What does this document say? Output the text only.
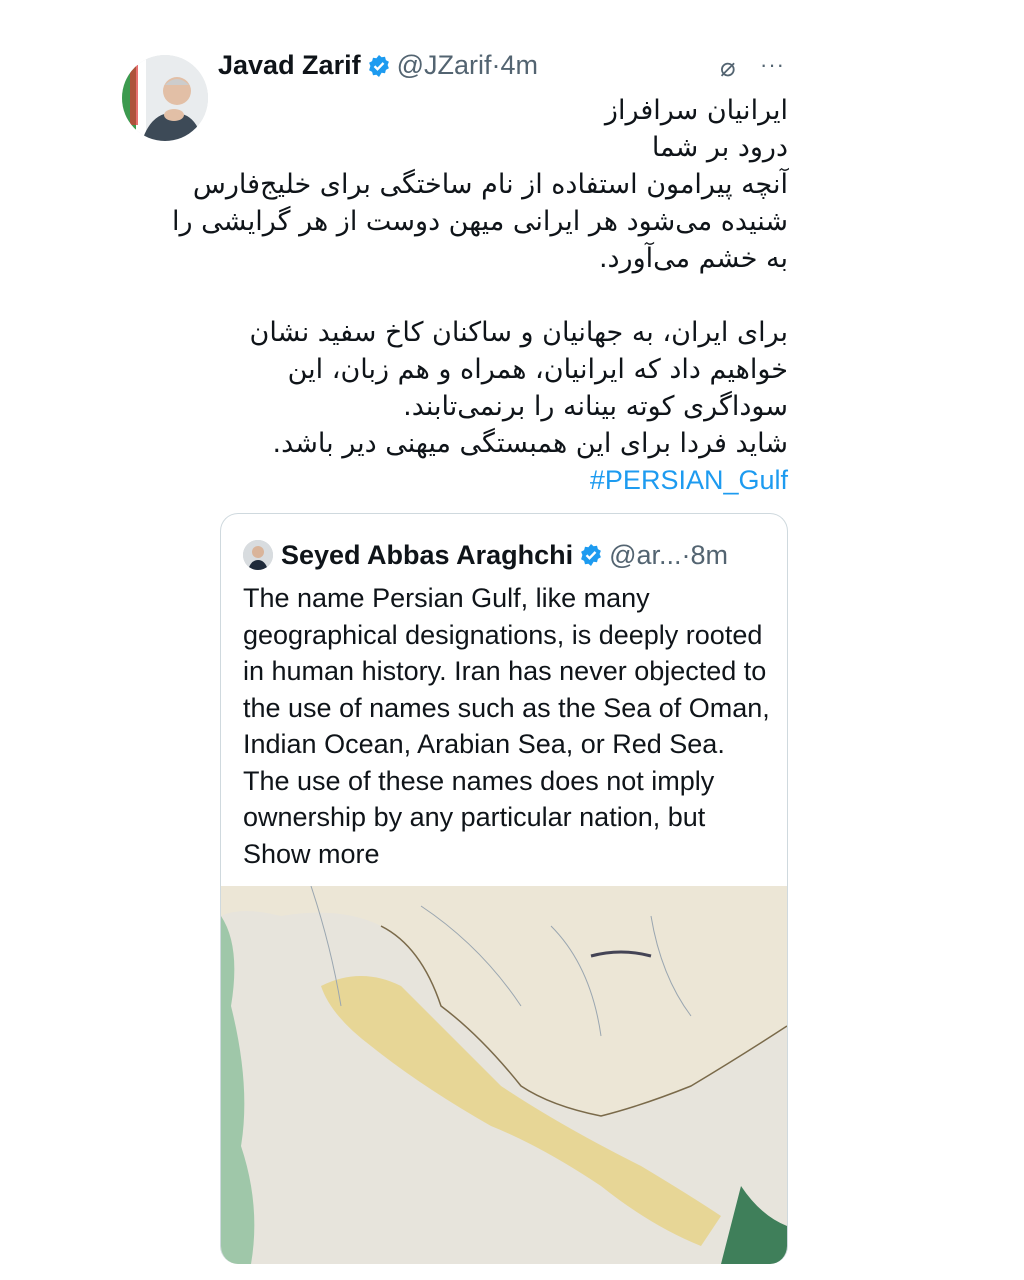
Javad Zarif @JZarif · 4m	⌀ ···
ایرانیان سرافراز
درود بر شما
آنچه پیرامون استفاده از نام ساختگی برای خلیج‌فارس
شنیده می‌شود هر ایرانی میهن دوست از هر گرایشی را
به خشم می‌آورد.
برای ایران، به جهانیان و ساکنان کاخ سفید نشان
خواهیم داد که ایرانیان، همراه و هم زبان، این
سوداگری کوته بینانه را برنمی‌تابند.
شاید فردا برای این همبستگی میهنی دیر باشد.
#PERSIAN_Gulf
Seyed Abbas Araghchi @ar... · 8m
The name Persian Gulf, like many geographical designations, is deeply rooted in human history. Iran has never objected to the use of names such as the Sea of Oman, Indian Ocean, Arabian Sea, or Red Sea. The use of these names does not imply ownership by any particular nation, but Show more
